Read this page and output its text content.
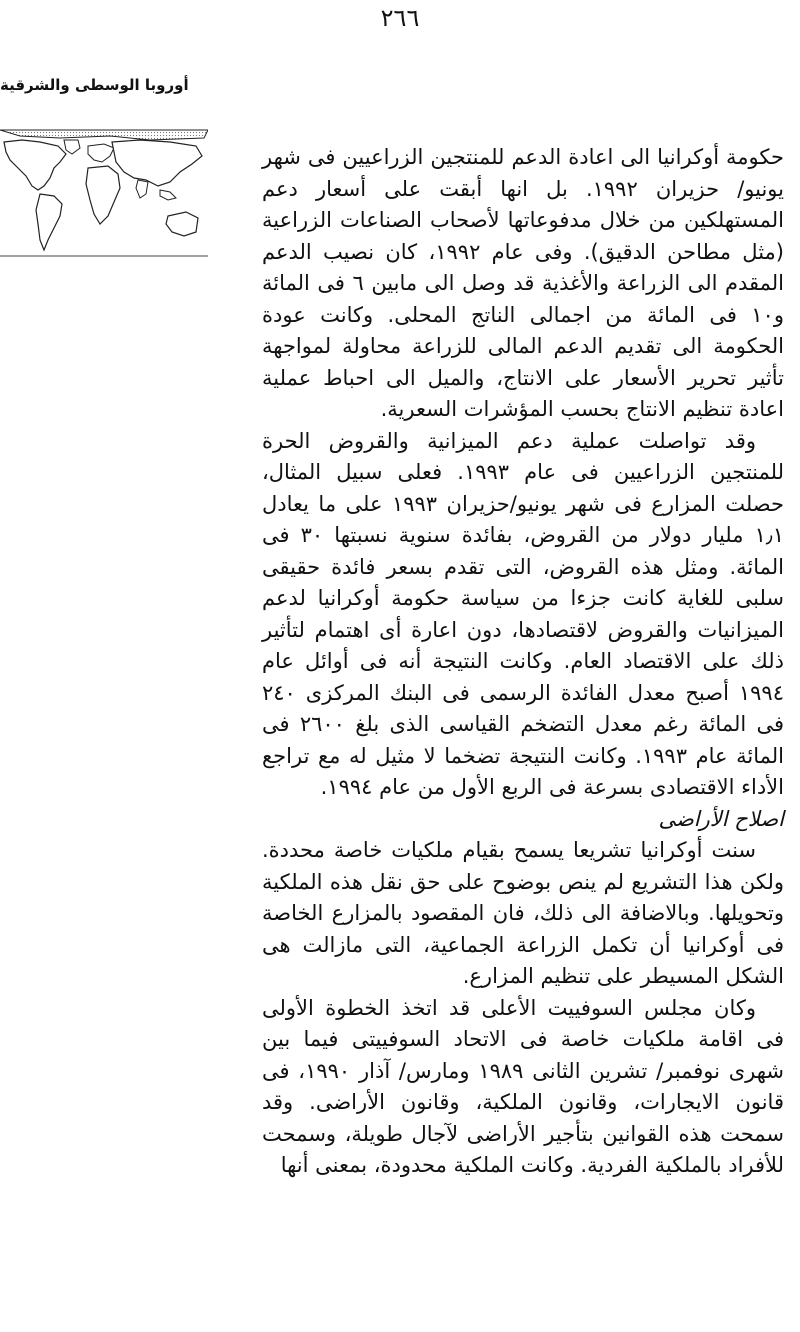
٢٦٦
أوروبا الوسطى والشرقية

حكومة أوكرانيا الى اعادة الدعم للمنتجين الزراعيين فى شهر يونيو/ حزيران ١٩٩٢. بل انها أبقت على أسعار دعم المستهلكين من خلال مدفوعاتها لأصحاب الصناعات الزراعية (مثل مطاحن الدقيق). وفى عام ١٩٩٢، كان نصيب الدعم المقدم الى الزراعة والأغذية قد وصل الى مابين ٦ فى المائة و١٠ فى المائة من اجمالى الناتج المحلى. وكانت عودة الحكومة الى تقديم الدعم المالى للزراعة محاولة لمواجهة تأثير تحرير الأسعار على الانتاج، والميل الى احباط عملية اعادة تنظيم الانتاج بحسب المؤشرات السعرية.

وقد تواصلت عملية دعم الميزانية والقروض الحرة للمنتجين الزراعيين فى عام ١٩٩٣. فعلى سبيل المثال، حصلت المزارع فى شهر يونيو/حزيران ١٩٩٣ على ما يعادل ١٫١ مليار دولار من القروض، بفائدة سنوية نسبتها ٣٠ فى المائة. ومثل هذه القروض، التى تقدم بسعر فائدة حقيقى سلبى للغاية كانت جزءا من سياسة حكومة أوكرانيا لدعم الميزانيات والقروض لاقتصادها، دون اعارة أى اهتمام لتأثير ذلك على الاقتصاد العام. وكانت النتيجة أنه فى أوائل عام ١٩٩٤ أصبح معدل الفائدة الرسمى فى البنك المركزى ٢٤٠ فى المائة رغم معدل التضخم القياسى الذى بلغ ٢٦٠٠ فى المائة عام ١٩٩٣. وكانت النتيجة تضخما لا مثيل له مع تراجع الأداء الاقتصادى بسرعة فى الربع الأول من عام ١٩٩٤.

اصلاح الأراضى

سنت أوكرانيا تشريعا يسمح بقيام ملكيات خاصة محددة. ولكن هذا التشريع لم ينص بوضوح على حق نقل هذه الملكية وتحويلها. وبالاضافة الى ذلك، فان المقصود بالمزارع الخاصة فى أوكرانيا أن تكمل الزراعة الجماعية، التى مازالت هى الشكل المسيطر على تنظيم المزارع.

وكان مجلس السوفييت الأعلى قد اتخذ الخطوة الأولى فى اقامة ملكيات خاصة فى الاتحاد السوفييتى فيما بين شهرى نوفمبر/ تشرين الثانى ١٩٨٩ ومارس/ آذار ١٩٩٠، فى قانون الايجارات، وقانون الملكية، وقانون الأراضى. وقد سمحت هذه القوانين بتأجير الأراضى لآجال طويلة، وسمحت للأفراد بالملكية الفردية. وكانت الملكية محدودة، بمعنى أنها
